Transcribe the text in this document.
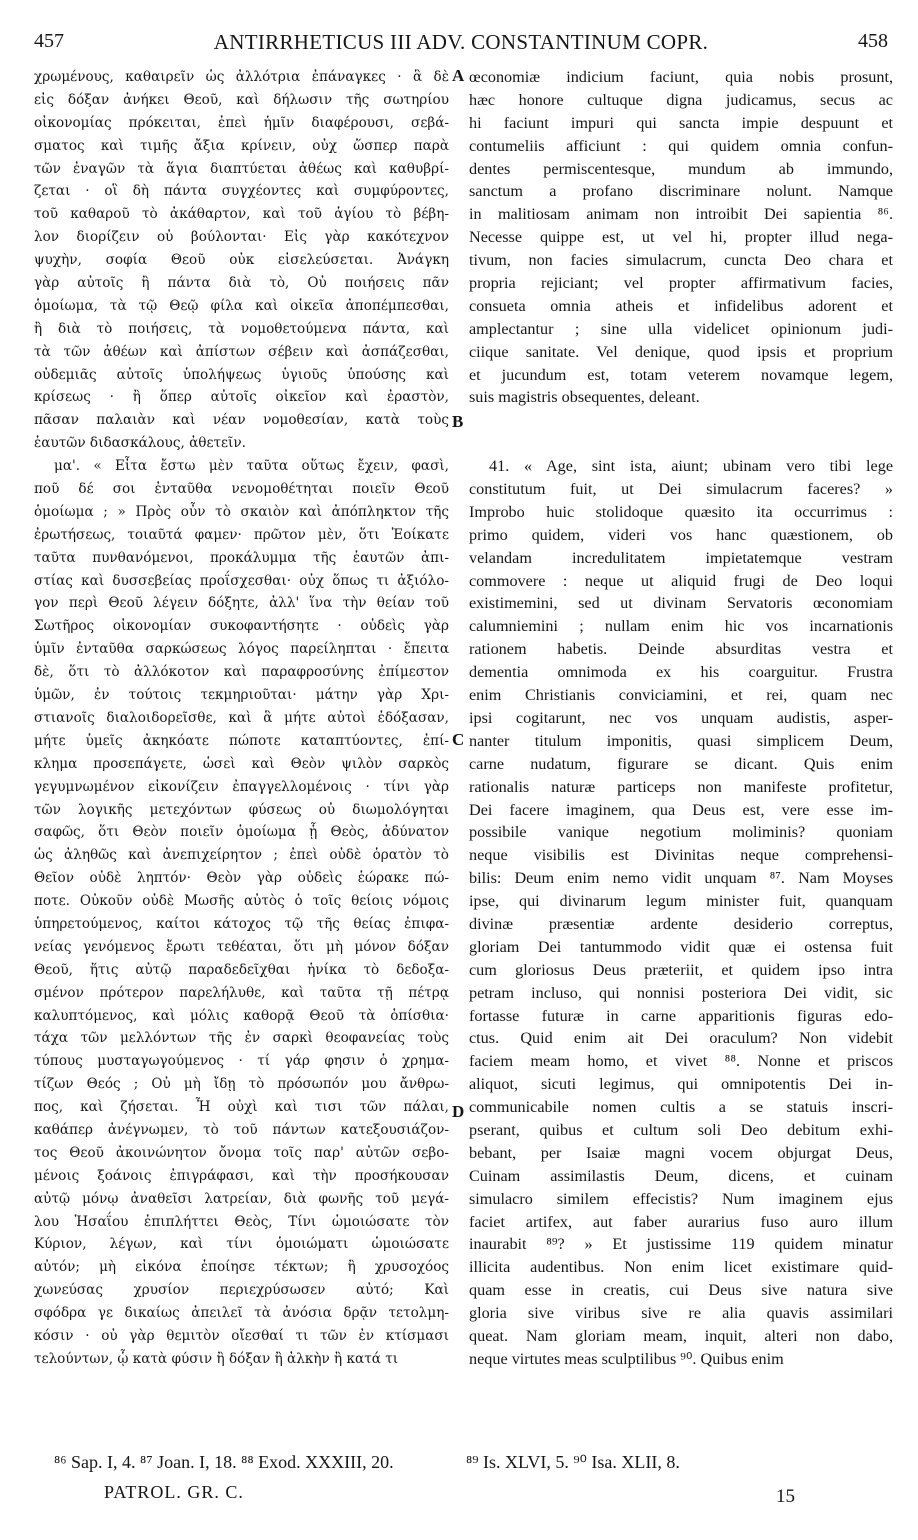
457	ANTIRRHETICUS III ADV. CONSTANTINUM COPR.	458
χρωμένους, καθαιρεῖν ὡς ἀλλότρια ἐπάναγκες · ἃ δὲ
εἰς δόξαν ἀνήκει Θεοῦ, καὶ δήλωσιν τῆς σωτηρίου
οἰκονομίας πρόκειται, ἐπεὶ ἡμῖν διαφέρουσι, σεβά-
σματος καὶ τιμῆς ἄξια κρίνειν, οὐχ ὥσπερ παρὰ
τῶν ἐναγῶν τὰ ἅγια διαπτύεται ἀθέως καὶ καθυβρί-
ζεται · οἳ δὴ πάντα συγχέοντες καὶ συμφύροντες,
τοῦ καθαροῦ τὸ ἀκάθαρτον, καὶ τοῦ ἁγίου τὸ βέβη-
λον διορίζειν οὐ βούλονται· Εἰς γὰρ κακότεχνον
ψυχὴν, σοφία Θεοῦ οὐκ εἰσελεύσεται. Ἀνάγκη
γὰρ αὐτοῖς ἢ πάντα διὰ τὸ, Οὐ ποιήσεις πᾶν
ὁμοίωμα, τὰ τῷ Θεῷ φίλα καὶ οἰκεῖα ἀποπέμπεσθαι,
ἢ διὰ τὸ ποιήσεις, τὰ νομοθετούμενα πάντα, καὶ
τὰ τῶν ἀθέων καὶ ἀπίστων σέβειν καὶ ἀσπάζεσθαι,
οὐδεμιᾶς αὐτοῖς ὑπολήψεως ὑγιοῦς ὑπούσης καὶ
κρίσεως · ἢ ὅπερ αὐτοῖς οἰκεῖον καὶ ἐραστὸν,
πᾶσαν παλαιὰν καὶ νέαν νομοθεσίαν, κατὰ τοὺς
ἑαυτῶν διδασκάλους, ἀθετεῖν.
μα'. « Εἶτα ἔστω μὲν ταῦτα οὕτως ἔχειν, φασὶ,
ποῦ δέ σοι ἐνταῦθα νενομοθέτηται ποιεῖν Θεοῦ
ὁμοίωμα ; » Πρὸς οὖν τὸ σκαιὸν καὶ ἀπόπληκτον τῆς
ἐρωτήσεως, τοιαῦτά φαμεν· πρῶτον μὲν, ὅτι Ἐοίκατε
ταῦτα πυνθανόμενοι, προκάλυμμα τῆς ἑαυτῶν ἀπι-
στίας καὶ δυσσεβείας προΐσχεσθαι· οὐχ ὅπως τι ἀξιόλο-
γον περὶ Θεοῦ λέγειν δόξητε, ἀλλ' ἵνα τὴν θείαν τοῦ
Σωτῆρος οἰκονομίαν συκοφαντήσητε · οὐδεὶς γὰρ
ὑμῖν ἐνταῦθα σαρκώσεως λόγος παρείληπται · ἔπειτα
δὲ, ὅτι τὸ ἀλλόκοτον καὶ παραφροσύνης ἐπίμεστον
ὑμῶν, ἐν τούτοις τεκμηριοῦται· μάτην γὰρ Χρι-
στιανοῖς διαλοιδορεῖσθε, καὶ ἃ μήτε αὐτοὶ ἐδόξασαν,
μήτε ὑμεῖς ἀκηκόατε πώποτε καταπτύοντες, ἐπί-
κλημα προσεπάγετε, ὡσεὶ καὶ Θεὸν ψιλὸν σαρκὸς
γεγυμνωμένον εἰκονίζειν ἐπαγγελλομένοις · τίνι γὰρ
τῶν λογικῆς μετεχόντων φύσεως οὐ διωμολόγηται
σαφῶς, ὅτι Θεὸν ποιεῖν ὁμοίωμα ᾗ Θεὸς, ἀδύνατον
ὡς ἀληθῶς καὶ ἀνεπιχείρητον ; ἐπεὶ οὐδὲ ὁρατὸν τὸ
Θεῖον οὐδὲ ληπτόν· Θεὸν γὰρ οὐδεὶς ἑώρακε πώ-
ποτε. Οὐκοῦν οὐδὲ Μωσῆς αὐτὸς ὁ τοῖς θείοις νόμοις
ὑπηρετούμενος, καίτοι κάτοχος τῷ τῆς θείας ἐπιφα-
νείας γενόμενος ἔρωτι τεθέαται, ὅτι μὴ μόνον δόξαν
Θεοῦ, ἥτις αὐτῷ παραδεδεῖχθαι ἡνίκα τὸ δεδοξα-
σμένον πρότερον παρελήλυθε, καὶ ταῦτα τῇ πέτρᾳ
καλυπτόμενος, καὶ μόλις καθορᾷ Θεοῦ τὰ ὀπίσθια·
τάχα τῶν μελλόντων τῆς ἐν σαρκὶ θεοφανείας τοὺς
τύπους μυσταγωγούμενος · τί γάρ φησιν ὁ χρημα-
τίζων Θεός ; Οὐ μὴ ἴδῃ τὸ πρόσωπόν μου ἄνθρω-
πος, καὶ ζήσεται. Ἦ οὐχὶ καὶ τισι τῶν πάλαι,
καθάπερ ἀνέγνωμεν, τὸ τοῦ πάντων κατεξουσιάζον-
τος Θεοῦ ἀκοινώνητον ὄνομα τοῖς παρ' αὐτῶν σεβο-
μένοις ξοάνοις ἐπιγράφασι, καὶ τὴν προσήκουσαν
αὐτῷ μόνῳ ἀναθεῖσι λατρείαν, διὰ φωνῆς τοῦ μεγά-
λου Ἡσαΐου ἐπιπλήττει Θεὸς, Τίνι ὡμοιώσατε τὸν
Κύριον, λέγων, καὶ τίνι ὁμοιώματι ὡμοιώσατε
αὐτόν; μὴ εἰκόνα ἐποίησε τέκτων; ἢ χρυσοχόος
χωνεύσας χρυσίον περιεχρύσωσεν αὐτό; Καὶ
σφόδρα γε δικαίως ἀπειλεῖ τὰ ἀνόσια δρᾷν τετολμη-
κόσιν · οὐ γὰρ θεμιτὸν οἴεσθαί τι τῶν ἐν κτίσμασι
τελούντων, ᾧ κατὰ φύσιν ἢ δόξαν ἢ ἀλκὴν ἢ κατά τι
œconomiæ indicium faciunt, quia nobis prosunt,
hæc honore cultuque digna judicamus, secus ac
hi faciunt impuri qui sancta impie despuunt et
contumeliis afficiunt : qui quidem omnia confun-
dentes permiscentesque, mundum ab immundo,
sanctum a profano discriminare nolunt. Namque
in malitiosam animam non introibit Dei sapientia ⁸⁶.
Necesse quippe est, ut vel hi, propter illud nega-
tivum, non facies simulacrum, cuncta Deo chara et
propria rejiciant; vel propter affirmativum facies,
consueta omnia atheis et infidelibus adorent et
amplectantur ; sine ulla videlicet opinionum judi-
ciique sanitate. Vel denique, quod ipsis et proprium
et jucundum est, totam veterem novamque legem,
suis magistris obsequentes, deleant.
41. « Age, sint ista, aiunt; ubinam vero tibi lege
constitutum fuit, ut Dei simulacrum faceres? »
Improbo huic stolidoque quæsito ita occurrimus :
primo quidem, videri vos hanc quæstionem, ob
velandam incredulitatem impietatemque vestram
commovere : neque ut aliquid frugi de Deo loqui
existimemini, sed ut divinam Servatoris œconomiam
calumniemini ; nullam enim hic vos incarnationis
rationem habetis. Deinde absurditas vestra et
dementia omnimoda ex his coarguitur. Frustra
enim Christianis conviciamini, et rei, quam nec
ipsi cogitarunt, nec vos unquam audistis, asper-
nanter titulum imponitis, quasi simplicem Deum,
carne nudatum, figurare se dicant. Quis enim
rationalis naturæ particeps non manifeste profitetur,
Dei facere imaginem, qua Deus est, vere esse im-
possibile vanique negotium moliminis? quoniam
neque visibilis est Divinitas neque comprehensi-
bilis: Deum enim nemo vidit unquam ⁸⁷. Nam Moyses
ipse, qui divinarum legum minister fuit, quanquam
divinæ præsentiæ ardente desiderio correptus,
gloriam Dei tantummodo vidit quæ ei ostensa fuit
cum gloriosus Deus præteriit, et quidem ipso intra
petram incluso, qui nonnisi posteriora Dei vidit, sic
fortasse futuræ in carne apparitionis figuras edo-
ctus. Quid enim ait Dei oraculum? Non videbit
faciem meam homo, et vivet ⁸⁸. Nonne et priscos
aliquot, sicuti legimus, qui omnipotentis Dei in-
communicabile nomen cultis a se statuis inscri-
pserant, quibus et cultum soli Deo debitum exhi-
bebant, per Isaiæ magni vocem objurgat Deus,
Cuinam assimilastis Deum, dicens, et cuinam
simulacro similem effecistis? Num imaginem ejus
faciet artifex, aut faber aurarius fuso auro illum
inaurabit ⁸⁹? » Et justissime 119 quidem minatur
illicita audentibus. Non enim licet existimare quid-
quam esse in creatis, cui Deus sive natura sive
gloria sive viribus sive re alia quavis assimilari
queat. Nam gloriam meam, inquit, alteri non dabo,
neque virtutes meas sculptilibus ⁹⁰. Quibus enim
A
B
C
D
⁸⁶ Sap. I, 4. ⁸⁷ Joan. I, 18. ⁸⁸ Exod. XXXIII, 20.	⁸⁹ Is. XLVI, 5. ⁹⁰ Isa. XLII, 8.
PATROL. GR. C.	15
